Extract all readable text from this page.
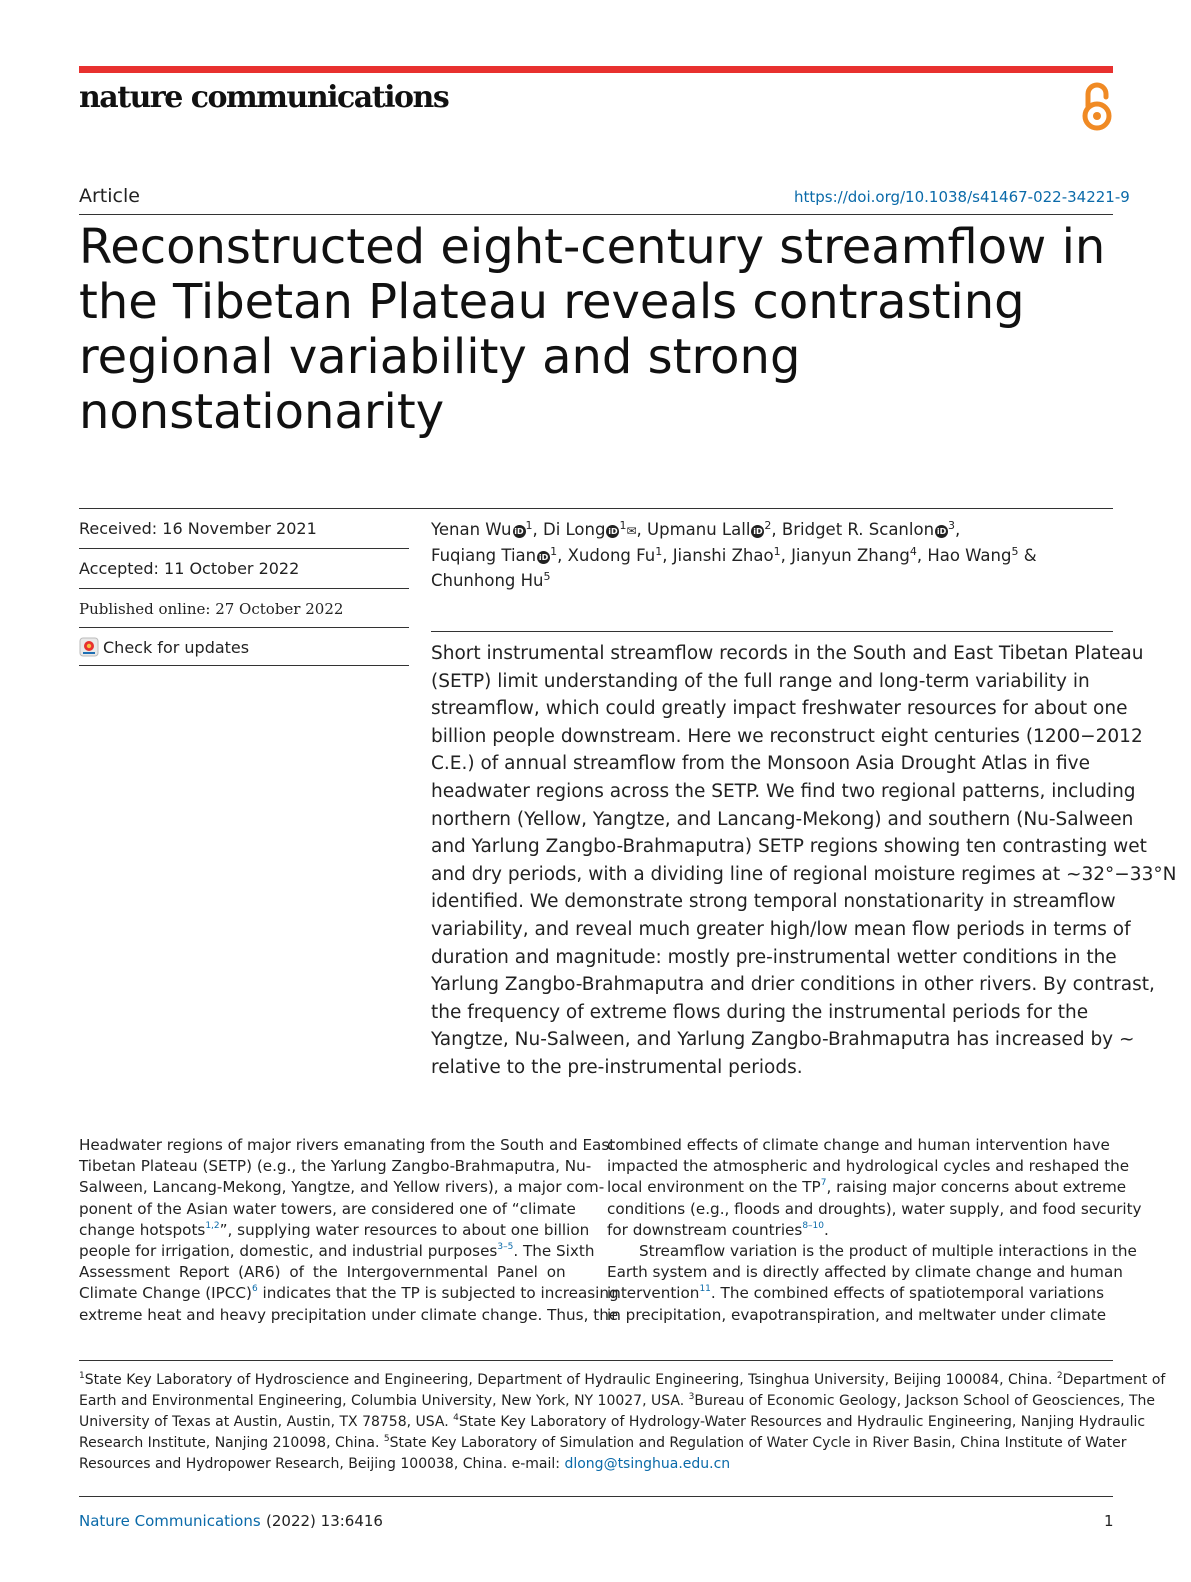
nature communications
Article	https://doi.org/10.1038/s41467-022-34221-9
Reconstructed eight-century streamflow in
the Tibetan Plateau reveals contrasting
regional variability and strong
nonstationarity
Received: 16 November 2021
Accepted: 11 October 2022
Published online: 27 October 2022
Check for updates
Yenan Wu iD $^1$, Di Long iD $^1$✉, Upmanu Lall iD $^2$, Bridget R. Scanlon iD $^3$,
Fuqiang Tian iD $^1$, Xudong Fu$^1$, Jianshi Zhao$^1$, Jianyun Zhang$^4$, Hao Wang$^5$ &
Chunhong Hu$^5$
Short instrumental streamflow records in the South and East Tibetan Plateau
(SETP) limit understanding of the full range and long-term variability in
streamflow, which could greatly impact freshwater resources for about one
billion people downstream. Here we reconstruct eight centuries (1200−2012
C.E.) of annual streamflow from the Monsoon Asia Drought Atlas in five
headwater regions across the SETP. We find two regional patterns, including
northern (Yellow, Yangtze, and Lancang-Mekong) and southern (Nu-Salween
and Yarlung Zangbo-Brahmaputra) SETP regions showing ten contrasting wet
and dry periods, with a dividing line of regional moisture regimes at ~32°−33°N
identified. We demonstrate strong temporal nonstationarity in streamflow
variability, and reveal much greater high/low mean flow periods in terms of
duration and magnitude: mostly pre-instrumental wetter conditions in the
Yarlung Zangbo-Brahmaputra and drier conditions in other rivers. By contrast,
the frequency of extreme flows during the instrumental periods for the
Yangtze, Nu-Salween, and Yarlung Zangbo-Brahmaputra has increased by ~
relative to the pre-instrumental periods.
Headwater regions of major rivers emanating from the South and East
Tibetan Plateau (SETP) (e.g., the Yarlung Zangbo-Brahmaputra, Nu-
Salween, Lancang-Mekong, Yangtze, and Yellow rivers), a major com-
ponent of the Asian water towers, are considered one of “climate
change hotspots$^{1,2}$”, supplying water resources to about one billion
people for irrigation, domestic, and industrial purposes$^{3-5}$. The Sixth
Assessment Report (AR6) of the Intergovernmental Panel on
Climate Change (IPCC)$^6$ indicates that the TP is subjected to increasing
extreme heat and heavy precipitation under climate change. Thus, the
combined effects of climate change and human intervention have
impacted the atmospheric and hydrological cycles and reshaped the
local environment on the TP$^7$, raising major concerns about extreme
conditions (e.g., floods and droughts), water supply, and food security
for downstream countries$^{8-10}$.
Streamflow variation is the product of multiple interactions in the
Earth system and is directly affected by climate change and human
intervention$^{11}$. The combined effects of spatiotemporal variations
in precipitation, evapotranspiration, and meltwater under climate
$^1$State Key Laboratory of Hydroscience and Engineering, Department of Hydraulic Engineering, Tsinghua University, Beijing 100084, China. $^2$Department of
Earth and Environmental Engineering, Columbia University, New York, NY 10027, USA. $^3$Bureau of Economic Geology, Jackson School of Geosciences, The
University of Texas at Austin, Austin, TX 78758, USA. $^4$State Key Laboratory of Hydrology-Water Resources and Hydraulic Engineering, Nanjing Hydraulic
Research Institute, Nanjing 210098, China. $^5$State Key Laboratory of Simulation and Regulation of Water Cycle in River Basin, China Institute of Water
Resources and Hydropower Research, Beijing 100038, China. e-mail: dlong@tsinghua.edu.cn
Nature Communications (2022) 13:6416	1
